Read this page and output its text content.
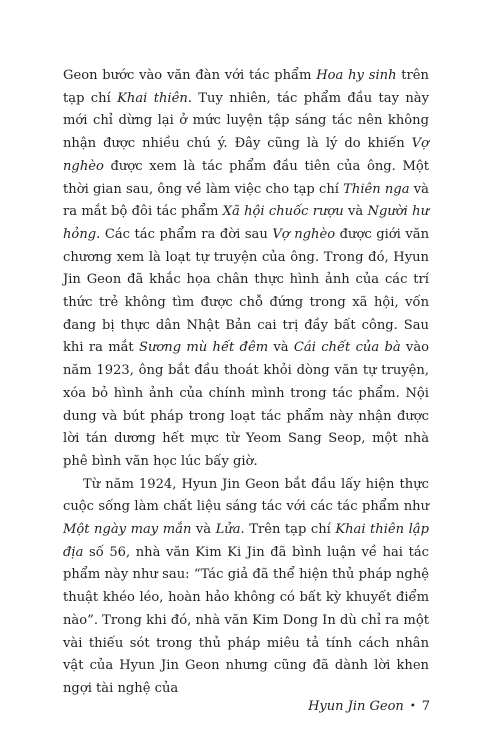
Geon bước vào văn đàn với tác phẩm Hoa hy sinh trên tạp chí Khai thiên. Tuy nhiên, tác phẩm đầu tay này mới chỉ dừng lại ở mức luyện tập sáng tác nên không nhận được nhiều chú ý. Đây cũng là lý do khiến Vợ nghèo được xem là tác phẩm đầu tiên của ông. Một thời gian sau, ông về làm việc cho tạp chí Thiên nga và ra mắt bộ đôi tác phẩm Xã hội chuốc rượu và Người hư hỏng. Các tác phẩm ra đời sau Vợ nghèo được giới văn chương xem là loạt tự truyện của ông. Trong đó, Hyun Jin Geon đã khắc họa chân thực hình ảnh của các trí thức trẻ không tìm được chỗ đứng trong xã hội, vốn đang bị thực dân Nhật Bản cai trị đầy bất công. Sau khi ra mắt Sương mù hết đêm và Cái chết của bà vào năm 1923, ông bắt đầu thoát khỏi dòng văn tự truyện, xóa bỏ hình ảnh của chính mình trong tác phẩm. Nội dung và bút pháp trong loạt tác phẩm này nhận được lời tán dương hết mực từ Yeom Sang Seop, một nhà phê bình văn học lúc bấy giờ.

Từ năm 1924, Hyun Jin Geon bắt đầu lấy hiện thực cuộc sống làm chất liệu sáng tác với các tác phẩm như Một ngày may mắn và Lửa. Trên tạp chí Khai thiên lập địa số 56, nhà văn Kim Ki Jin đã bình luận về hai tác phẩm này như sau: “Tác giả đã thể hiện thủ pháp nghệ thuật khéo léo, hoàn hảo không có bất kỳ khuyết điểm nào”. Trong khi đó, nhà văn Kim Dong In dù chỉ ra một vài thiếu sót trong thủ pháp miêu tả tính cách nhân vật của Hyun Jin Geon nhưng cũng đã dành lời khen ngợi tài nghệ của

Hyun Jin Geon • 7
